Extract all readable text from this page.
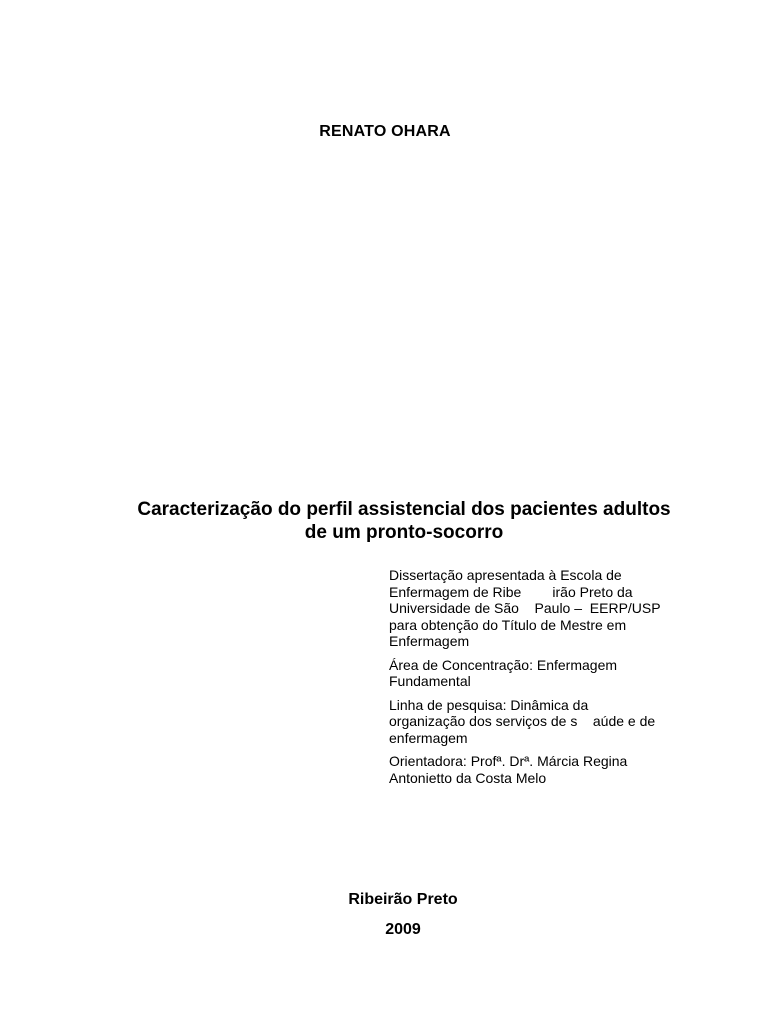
RENATO OHARA
Caracterização do perfil assistencial dos pacientes adultos
de um pronto-socorro

Dissertação apresentada à Escola de
Enfermagem de Ribe        irão Preto da
Universidade de São    Paulo –  EERP/USP
para obtenção do Título de Mestre em
Enfermagem

Área de Concentração: Enfermagem
Fundamental

Linha de pesquisa: Dinâmica da
organização dos serviços de s    aúde e de
enfermagem

Orientadora: Profª. Drª. Márcia Regina
Antonietto da Costa Melo

Ribeirão Preto
2009
